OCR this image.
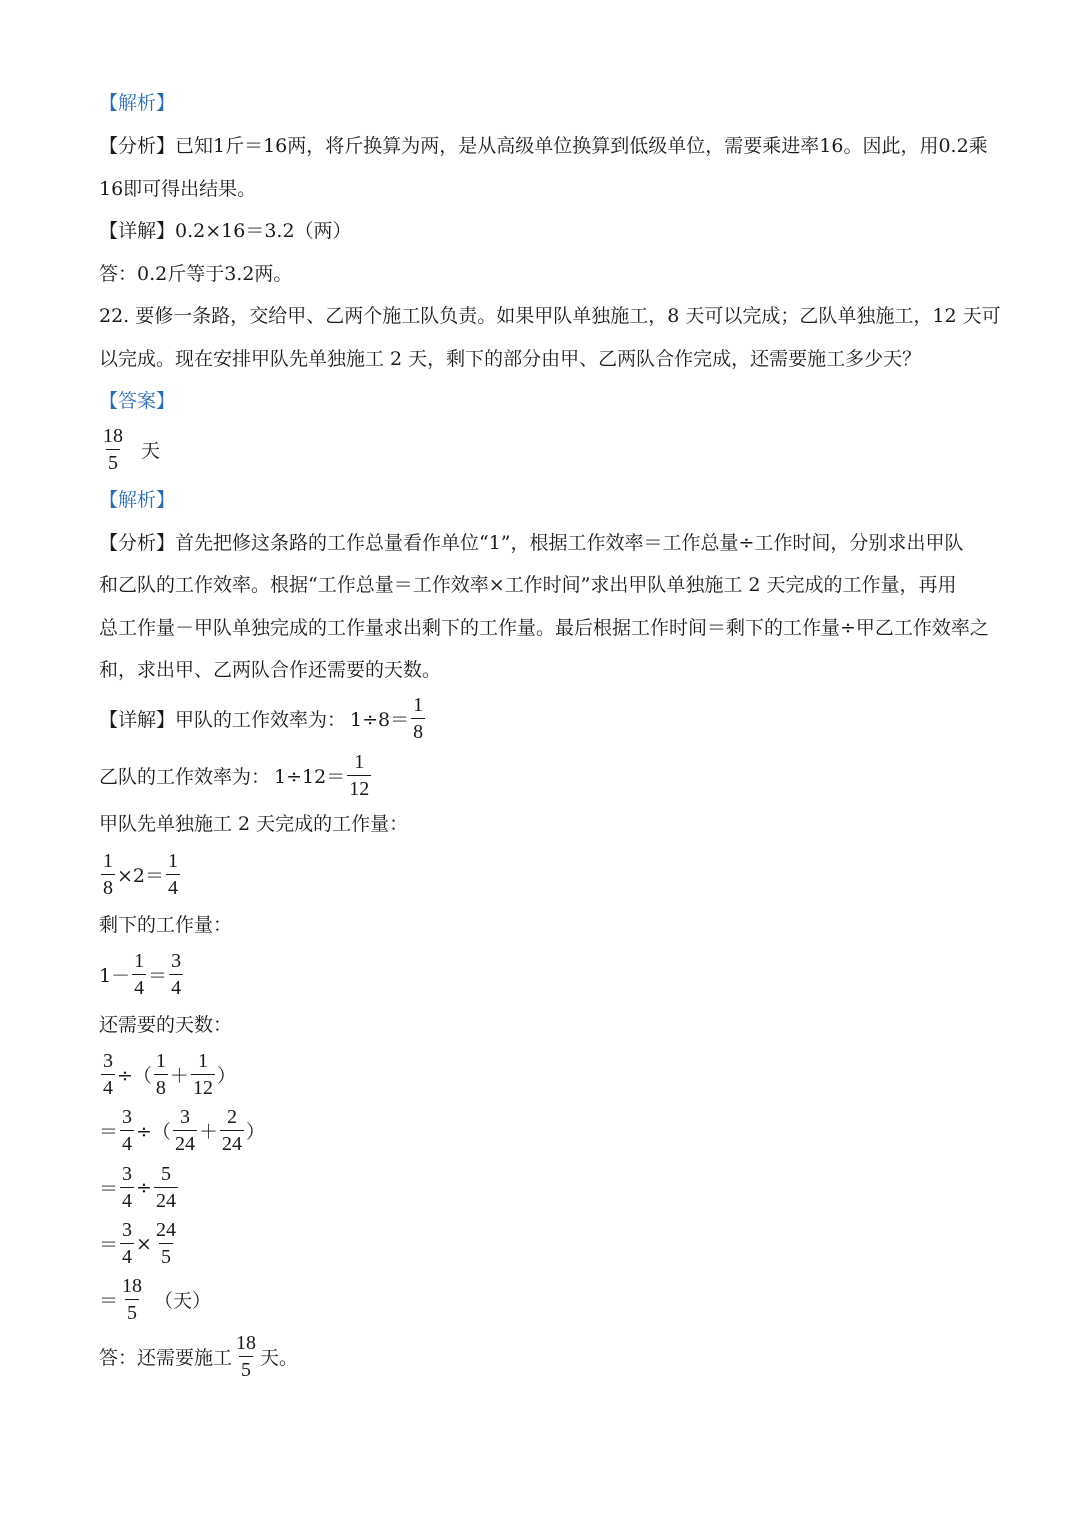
【解析】
【分析】已知1斤＝16两，将斤换算为两，是从高级单位换算到低级单位，需要乘进率16。因此，用0.2乘
16即可得出结果。
【详解】0.2×16＝3.2（两）
答：0.2斤等于3.2两。
22. 要修一条路，交给甲、乙两个施工队负责。如果甲队单独施工，8 天可以完成；乙队单独施工，12 天可
以完成。现在安排甲队先单独施工 2 天，剩下的部分由甲、乙两队合作完成，还需要施工多少天？
【答案】
$\frac{18}{5}$ 天
【解析】
【分析】首先把修这条路的工作总量看作单位“1”，根据工作效率＝工作总量÷工作时间，分别求出甲队
和乙队的工作效率。根据“工作总量＝工作效率×工作时间”求出甲队单独施工 2 天完成的工作量，再用
总工作量－甲队单独完成的工作量求出剩下的工作量。最后根据工作时间＝剩下的工作量÷甲乙工作效率之
和，求出甲、乙两队合作还需要的天数。
【详解】甲队的工作效率为： $1\div 8= \frac{1}{8}$
乙队的工作效率为： $1\div 12= \frac{1}{12}$
甲队先单独施工 2 天完成的工作量：
$\frac{1}{8} \times 2= \frac{1}{4}$
剩下的工作量：
$1- \frac{1}{4} = \frac{3}{4}$
还需要的天数：
$\frac{3}{4}$ ÷（ $\frac{1}{8} + \frac{1}{12}$ ）
＝ $\frac{3}{4}$ ÷（ $\frac{3}{24} + \frac{2}{24}$ ）
＝ $\frac{3}{4} \div \frac{5}{24}$
＝ $\frac{3}{4} \times \frac{24}{5}$
＝ $\frac{18}{5}$ （天）
答：还需要施工 $\frac{18}{5}$ 天。
